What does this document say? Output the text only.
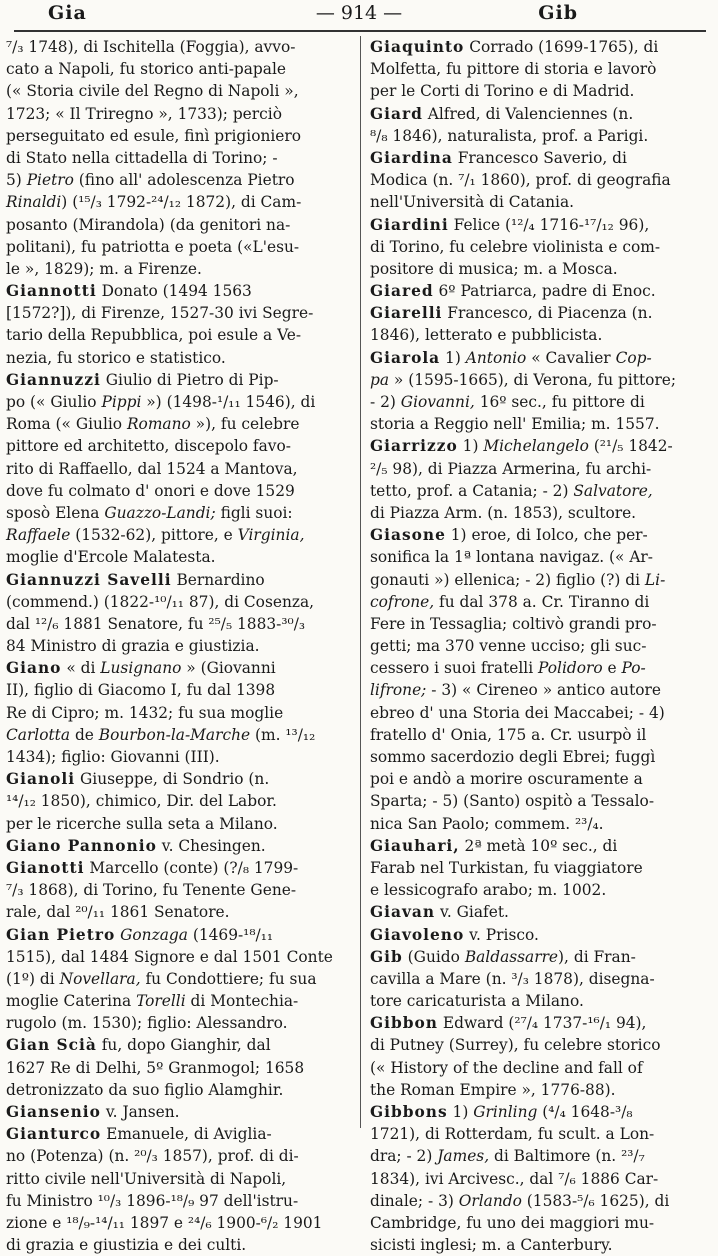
Gia	— 914 —	Gib
⁷/₃ 1748), di Ischitella (Foggia), avvo-
cato a Napoli, fu storico anti-papale
(« Storia civile del Regno di Napoli »,
1723; « Il Triregno », 1733); perciò
perseguitato ed esule, finì prigioniero
di Stato nella cittadella di Torino; -
5) Pietro (fino all' adolescenza Pietro
Rinaldi) (¹⁵/₃ 1792-²⁴/₁₂ 1872), di Cam-
posanto (Mirandola) (da genitori na-
politani), fu patriotta e poeta («L'esu-
le », 1829); m. a Firenze.
Giannotti Donato (1494 1563
[1572?]), di Firenze, 1527-30 ivi Segre-
tario della Repubblica, poi esule a Ve-
nezia, fu storico e statistico.
Giannuzzi Giulio di Pietro di Pip-
po (« Giulio Pippi ») (1498-¹/₁₁ 1546), di
Roma (« Giulio Romano »), fu celebre
pittore ed architetto, discepolo favo-
rito di Raffaello, dal 1524 a Mantova,
dove fu colmato d' onori e dove 1529
sposò Elena Guazzo-Landi; figli suoi:
Raffaele (1532-62), pittore, e Virginia,
moglie d'Ercole Malatesta.
Giannuzzi Savelli Bernardino
(commend.) (1822-¹⁰/₁₁ 87), di Cosenza,
dal ¹²/₆ 1881 Senatore, fu ²⁵/₅ 1883-³⁰/₃
84 Ministro di grazia e giustizia.
Giano « di Lusignano » (Giovanni
II), figlio di Giacomo I, fu dal 1398
Re di Cipro; m. 1432; fu sua moglie
Carlotta de Bourbon-la-Marche (m. ¹³/₁₂
1434); figlio: Giovanni (III).
Gianoli Giuseppe, di Sondrio (n.
¹⁴/₁₂ 1850), chimico, Dir. del Labor.
per le ricerche sulla seta a Milano.
Giano Pannonio v. Chesingen.
Gianotti Marcello (conte) (?/₈ 1799-
⁷/₃ 1868), di Torino, fu Tenente Gene-
rale, dal ²⁰/₁₁ 1861 Senatore.
Gian Pietro Gonzaga (1469-¹⁸/₁₁
1515), dal 1484 Signore e dal 1501 Conte
(1º) di Novellara, fu Condottiere; fu sua
moglie Caterina Torelli di Montechia-
rugolo (m. 1530); figlio: Alessandro.
Gian Scià fu, dopo Gianghir, dal
1627 Re di Delhi, 5º Granmogol; 1658
detronizzato da suo figlio Alamghir.
Giansenio v. Jansen.
Gianturco Emanuele, di Avigliа-
no (Potenza) (n. ²⁰/₃ 1857), prof. di di-
ritto civile nell'Università di Napoli,
fu Ministro ¹⁰/₃ 1896-¹⁸/₉ 97 dell'istru-
zione e ¹⁸/₉-¹⁴/₁₁ 1897 e ²⁴/₆ 1900-⁶/₂ 1901
di grazia e giustizia e dei culti.
Giaquinto Corrado (1699-1765), di
Molfetta, fu pittore di storia e lavorò
per le Corti di Torino e di Madrid.
Giard Alfred, di Valenciennes (n.
⁸/₈ 1846), naturalista, prof. a Parigi.
Giardina Francesco Saverio, di
Modica (n. ⁷/₁ 1860), prof. di geografia
nell'Università di Catania.
Giardini Felice (¹²/₄ 1716-¹⁷/₁₂ 96),
di Torino, fu celebre violinista e com-
positore di musica; m. a Mosca.
Giared 6º Patriarca, padre di Enoc.
Giarelli Francesco, di Piacenza (n.
1846), letterato e pubblicista.
Giarola 1) Antonio « Cavalier Cop-
pa » (1595-1665), di Verona, fu pittore;
- 2) Giovanni, 16º sec., fu pittore di
storia a Reggio nell' Emilia; m. 1557.
Giarrizzo 1) Michelangelo (²¹/₅ 1842-
²/₅ 98), di Piazza Armerina, fu archi-
tetto, prof. a Catania; - 2) Salvatore,
di Piazza Arm. (n. 1853), scultore.
Giasone 1) eroe, di Iolco, che per-
sonifica la 1ª lontana navigaz. (« Ar-
gonauti ») ellenica; - 2) figlio (?) di Li-
cofrone, fu dal 378 a. Cr. Tiranno di
Fere in Tessaglia; coltivò grandi pro-
getti; ma 370 venne ucciso; gli suc-
cessero i suoi fratelli Polidoro e Po-
lifrone; - 3) « Cireneo » antico autore
ebreo d' una Storia dei Maccabei; - 4)
fratello d' Onia, 175 a. Cr. usurpò il
sommo sacerdozio degli Ebrei; fuggì
poi e andò a morire oscuramente a
Sparta; - 5) (Santo) ospitò a Tessalo-
nica San Paolo; commem. ²³/₄.
Giauhari, 2ª metà 10º sec., di
Farab nel Turkistan, fu viaggiatore
e lessicografo arabo; m. 1002.
Giavan v. Giafet.
Giavoleno v. Prisco.
Gib (Guido Baldassarre), di Fran-
cavilla a Mare (n. ³/₃ 1878), disegna-
tore caricaturista a Milano.
Gibbon Edward (²⁷/₄ 1737-¹⁶/₁ 94),
di Putney (Surrey), fu celebre storico
(« History of the decline and fall of
the Roman Empire », 1776-88).
Gibbons 1) Grinling (⁴/₄ 1648-³/₈
1721), di Rotterdam, fu scult. a Lon-
dra; - 2) James, di Baltimore (n. ²³/₇
1834), ivi Arcivesc., dal ⁷/₆ 1886 Car-
dinale; - 3) Orlando (1583-⁵/₆ 1625), di
Cambridge, fu uno dei maggiori mu-
sicisti inglesi; m. a Canterbury.
